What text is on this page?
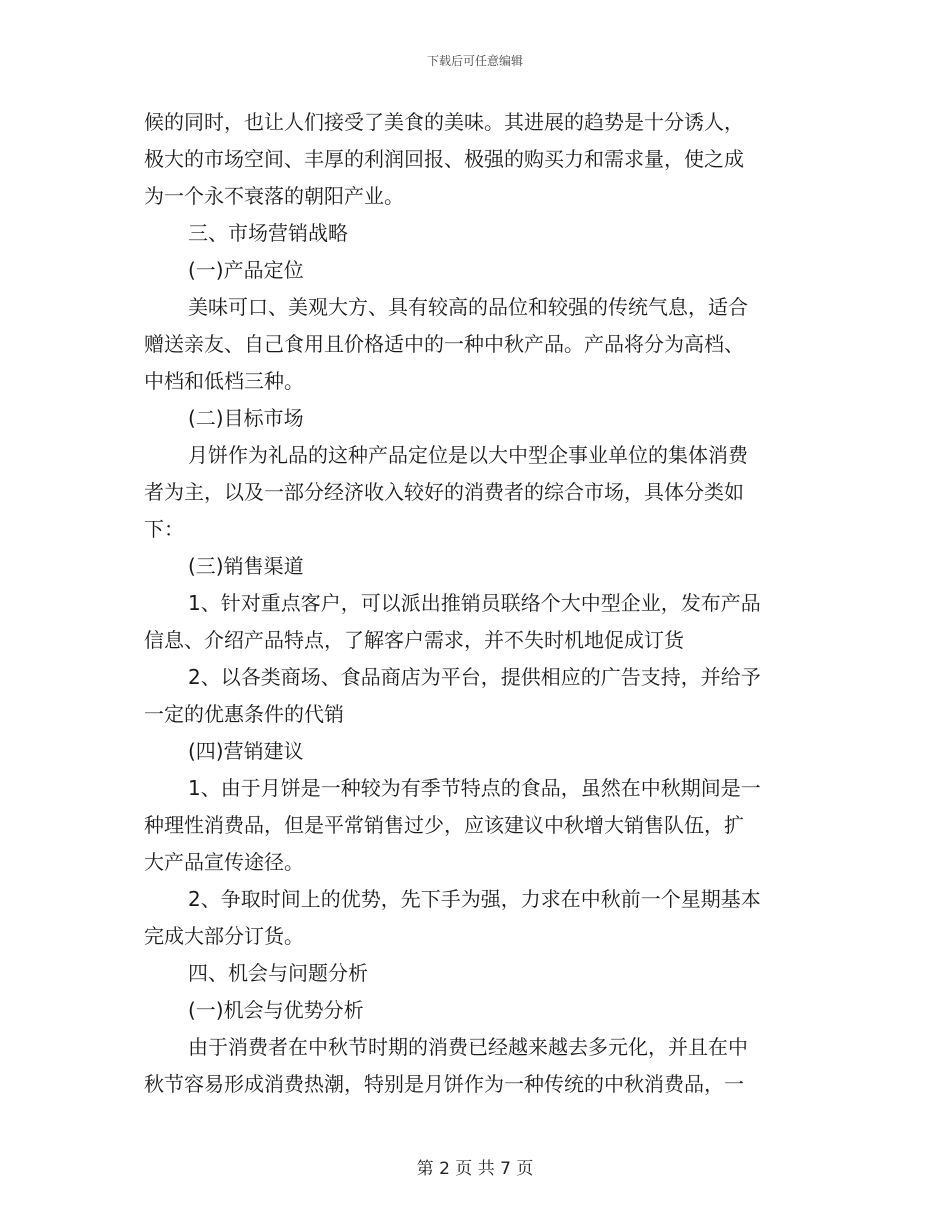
下载后可任意编辑
候的同时，也让人们接受了美食的美味。其进展的趋势是十分诱人，
极大的市场空间、丰厚的利润回报、极强的购买力和需求量，使之成
为一个永不衰落的朝阳产业。
三、市场营销战略
(一)产品定位
美味可口、美观大方、具有较高的品位和较强的传统气息，适合
赠送亲友、自己食用且价格适中的一种中秋产品。产品将分为高档、
中档和低档三种。
(二)目标市场
月饼作为礼品的这种产品定位是以大中型企事业单位的集体消费
者为主，以及一部分经济收入较好的消费者的综合市场，具体分类如
下：
(三)销售渠道
1、针对重点客户，可以派出推销员联络个大中型企业，发布产品
信息、介绍产品特点，了解客户需求，并不失时机地促成订货
2、以各类商场、食品商店为平台，提供相应的广告支持，并给予
一定的优惠条件的代销
(四)营销建议
1、由于月饼是一种较为有季节特点的食品，虽然在中秋期间是一
种理性消费品，但是平常销售过少，应该建议中秋增大销售队伍，扩
大产品宣传途径。
2、争取时间上的优势，先下手为强，力求在中秋前一个星期基本
完成大部分订货。
四、机会与问题分析
(一)机会与优势分析
由于消费者在中秋节时期的消费已经越来越去多元化，并且在中
秋节容易形成消费热潮，特别是月饼作为一种传统的中秋消费品，一
第 2 页 共 7 页
